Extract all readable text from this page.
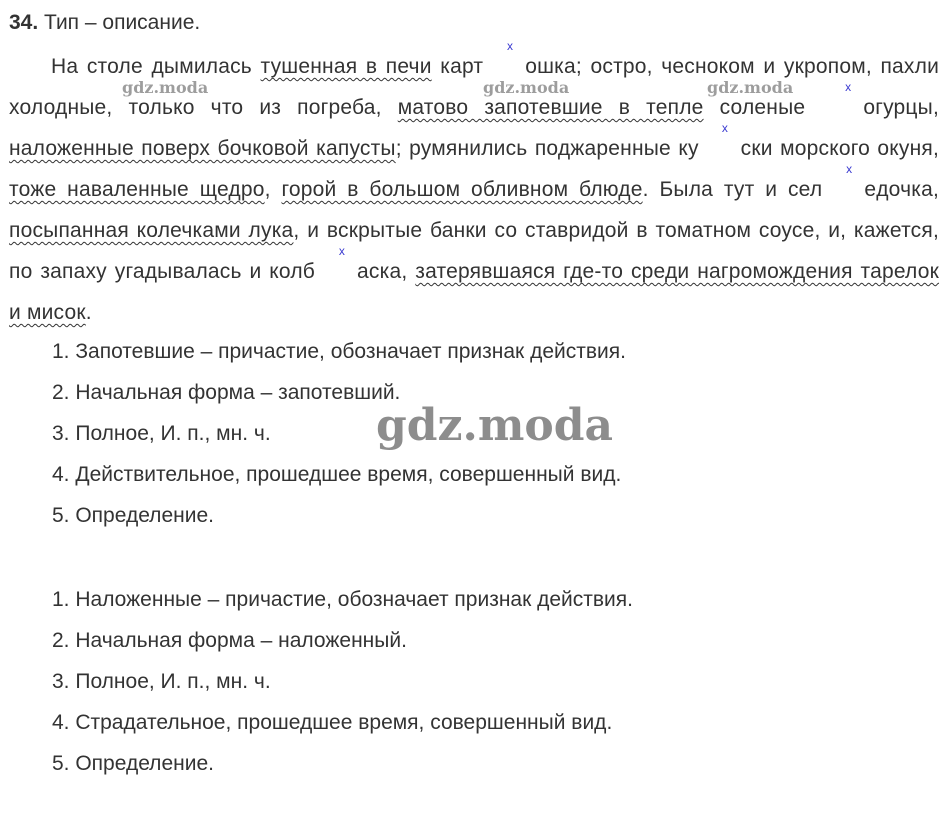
34. Тип – описание.
На столе дымилась тушенная в печи карт x ошка; остро, чесноком и укропом, пахли холодные, только что из погреба, матово запотевшие в тепле соленые x огурцы, наложенные поверх бочковой капусты; румянились поджаренные ку x ски морского окуня, тоже наваленные щедро, горой в большом обливном блюде. Была тут и сел x едочка, посыпанная колечками лука, и вскрытые банки со ставридой в томатном соусе, и, кажется, по запаху угадывалась и колб x аска, затерявшаяся где-то среди нагромождения тарелок и мисок.
1. Запотевшие – причастие, обозначает признак действия.
2. Начальная форма – запотевший.
3. Полное, И. п., мн. ч.
4. Действительное, прошедшее время, совершенный вид.
5. Определение.
1. Наложенные – причастие, обозначает признак действия.
2. Начальная форма – наложенный.
3. Полное, И. п., мн. ч.
4. Страдательное, прошедшее время, совершенный вид.
5. Определение.
gdz.moda
gdz.moda	gdz.moda	gdz.moda
